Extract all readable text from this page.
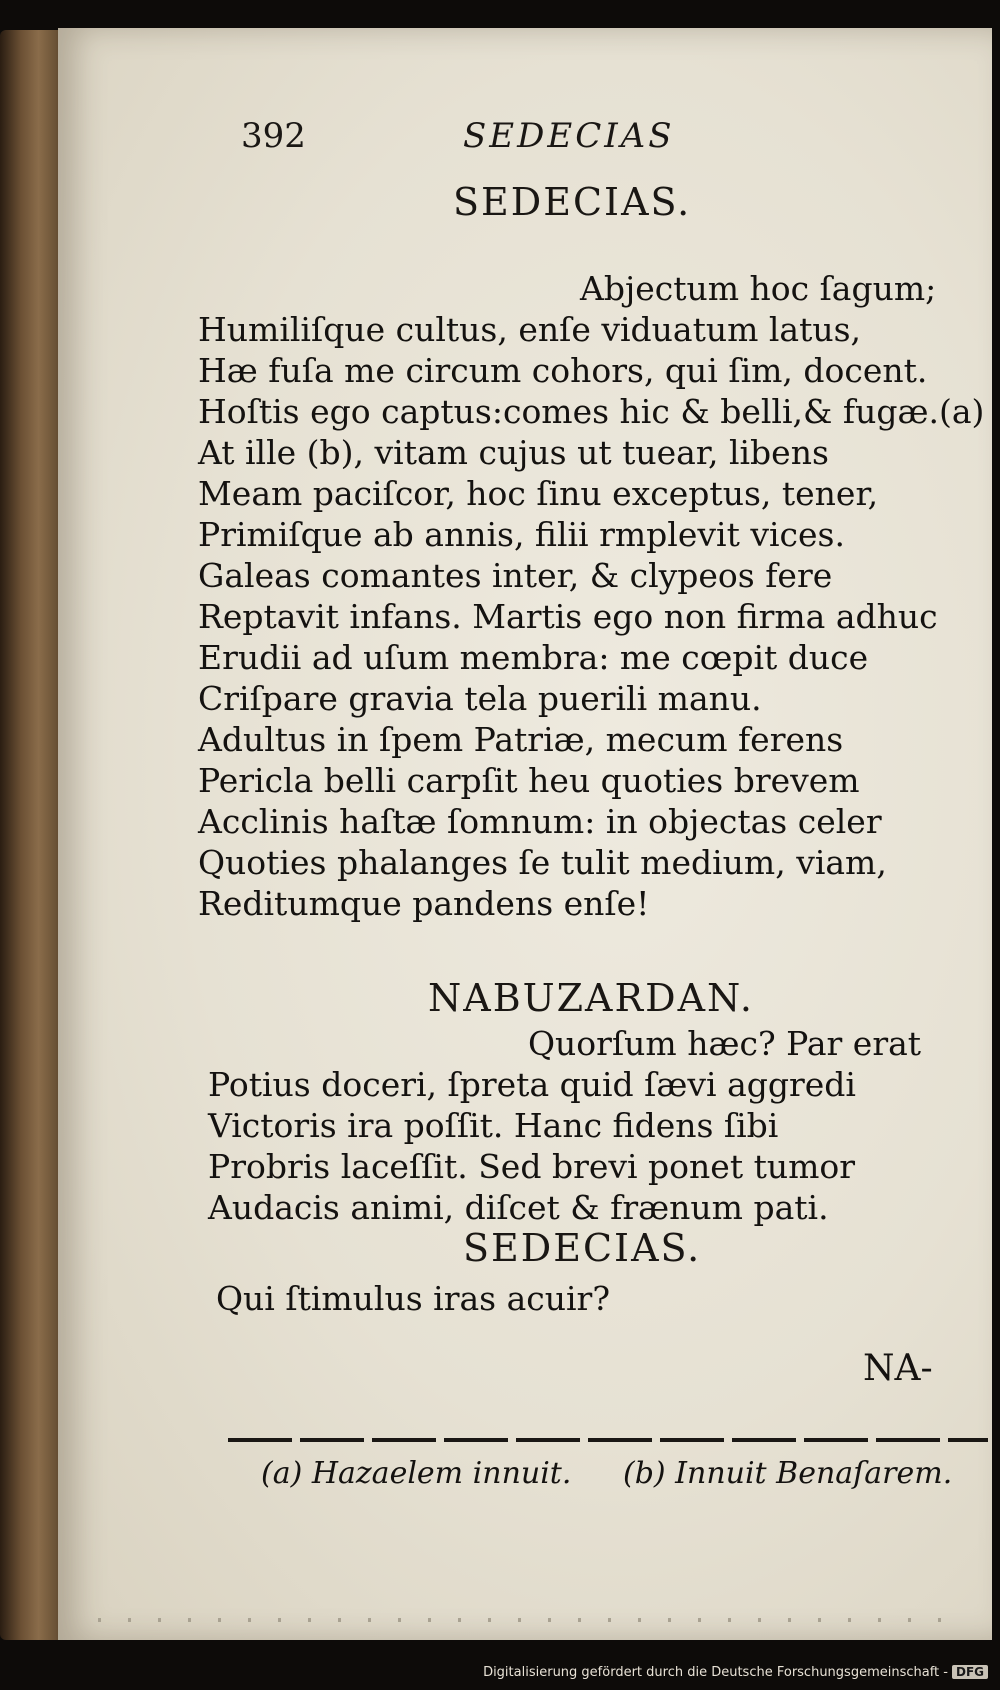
392	SEDECIAS
SEDECIAS.
Abjectum hoc ſagum;
Humiliſque cultus, enſe viduatum latus,
Hæ fuſa me circum cohors, qui ſim, docent.
Hoſtis ego captus:comes hic & belli,& fugæ.(a)
At ille (b), vitam cujus ut tuear, libens
Meam paciſcor, hoc ſinu exceptus, tener,
Primiſque ab annis, filii rmplevit vices.
Galeas comantes inter, & clypeos fere
Reptavit infans. Martis ego non firma adhuc
Erudii ad uſum membra: me cœpit duce
Criſpare gravia tela puerili manu.
Adultus in ſpem Patriæ, mecum ferens
Pericla belli carpſit heu quoties brevem
Acclinis haſtæ ſomnum: in objectas celer
Quoties phalanges ſe tulit medium, viam,
Reditumque pandens enſe!
NABUZARDAN.
Quorſum hæc? Par erat
Potius doceri, ſpreta quid ſævi aggredi
Victoris ira poſſit. Hanc fidens ſibi
Probris laceſſit. Sed brevi ponet tumor
Audacis animi, diſcet & frænum pati.
SEDECIAS.
Qui ſtimulus iras acuir?
NA-
(a) Hazaelem innuit. (b) Innuit Benaſarem.
Digitalisierung gefördert durch die Deutsche Forschungsgemeinschaft - DFG
